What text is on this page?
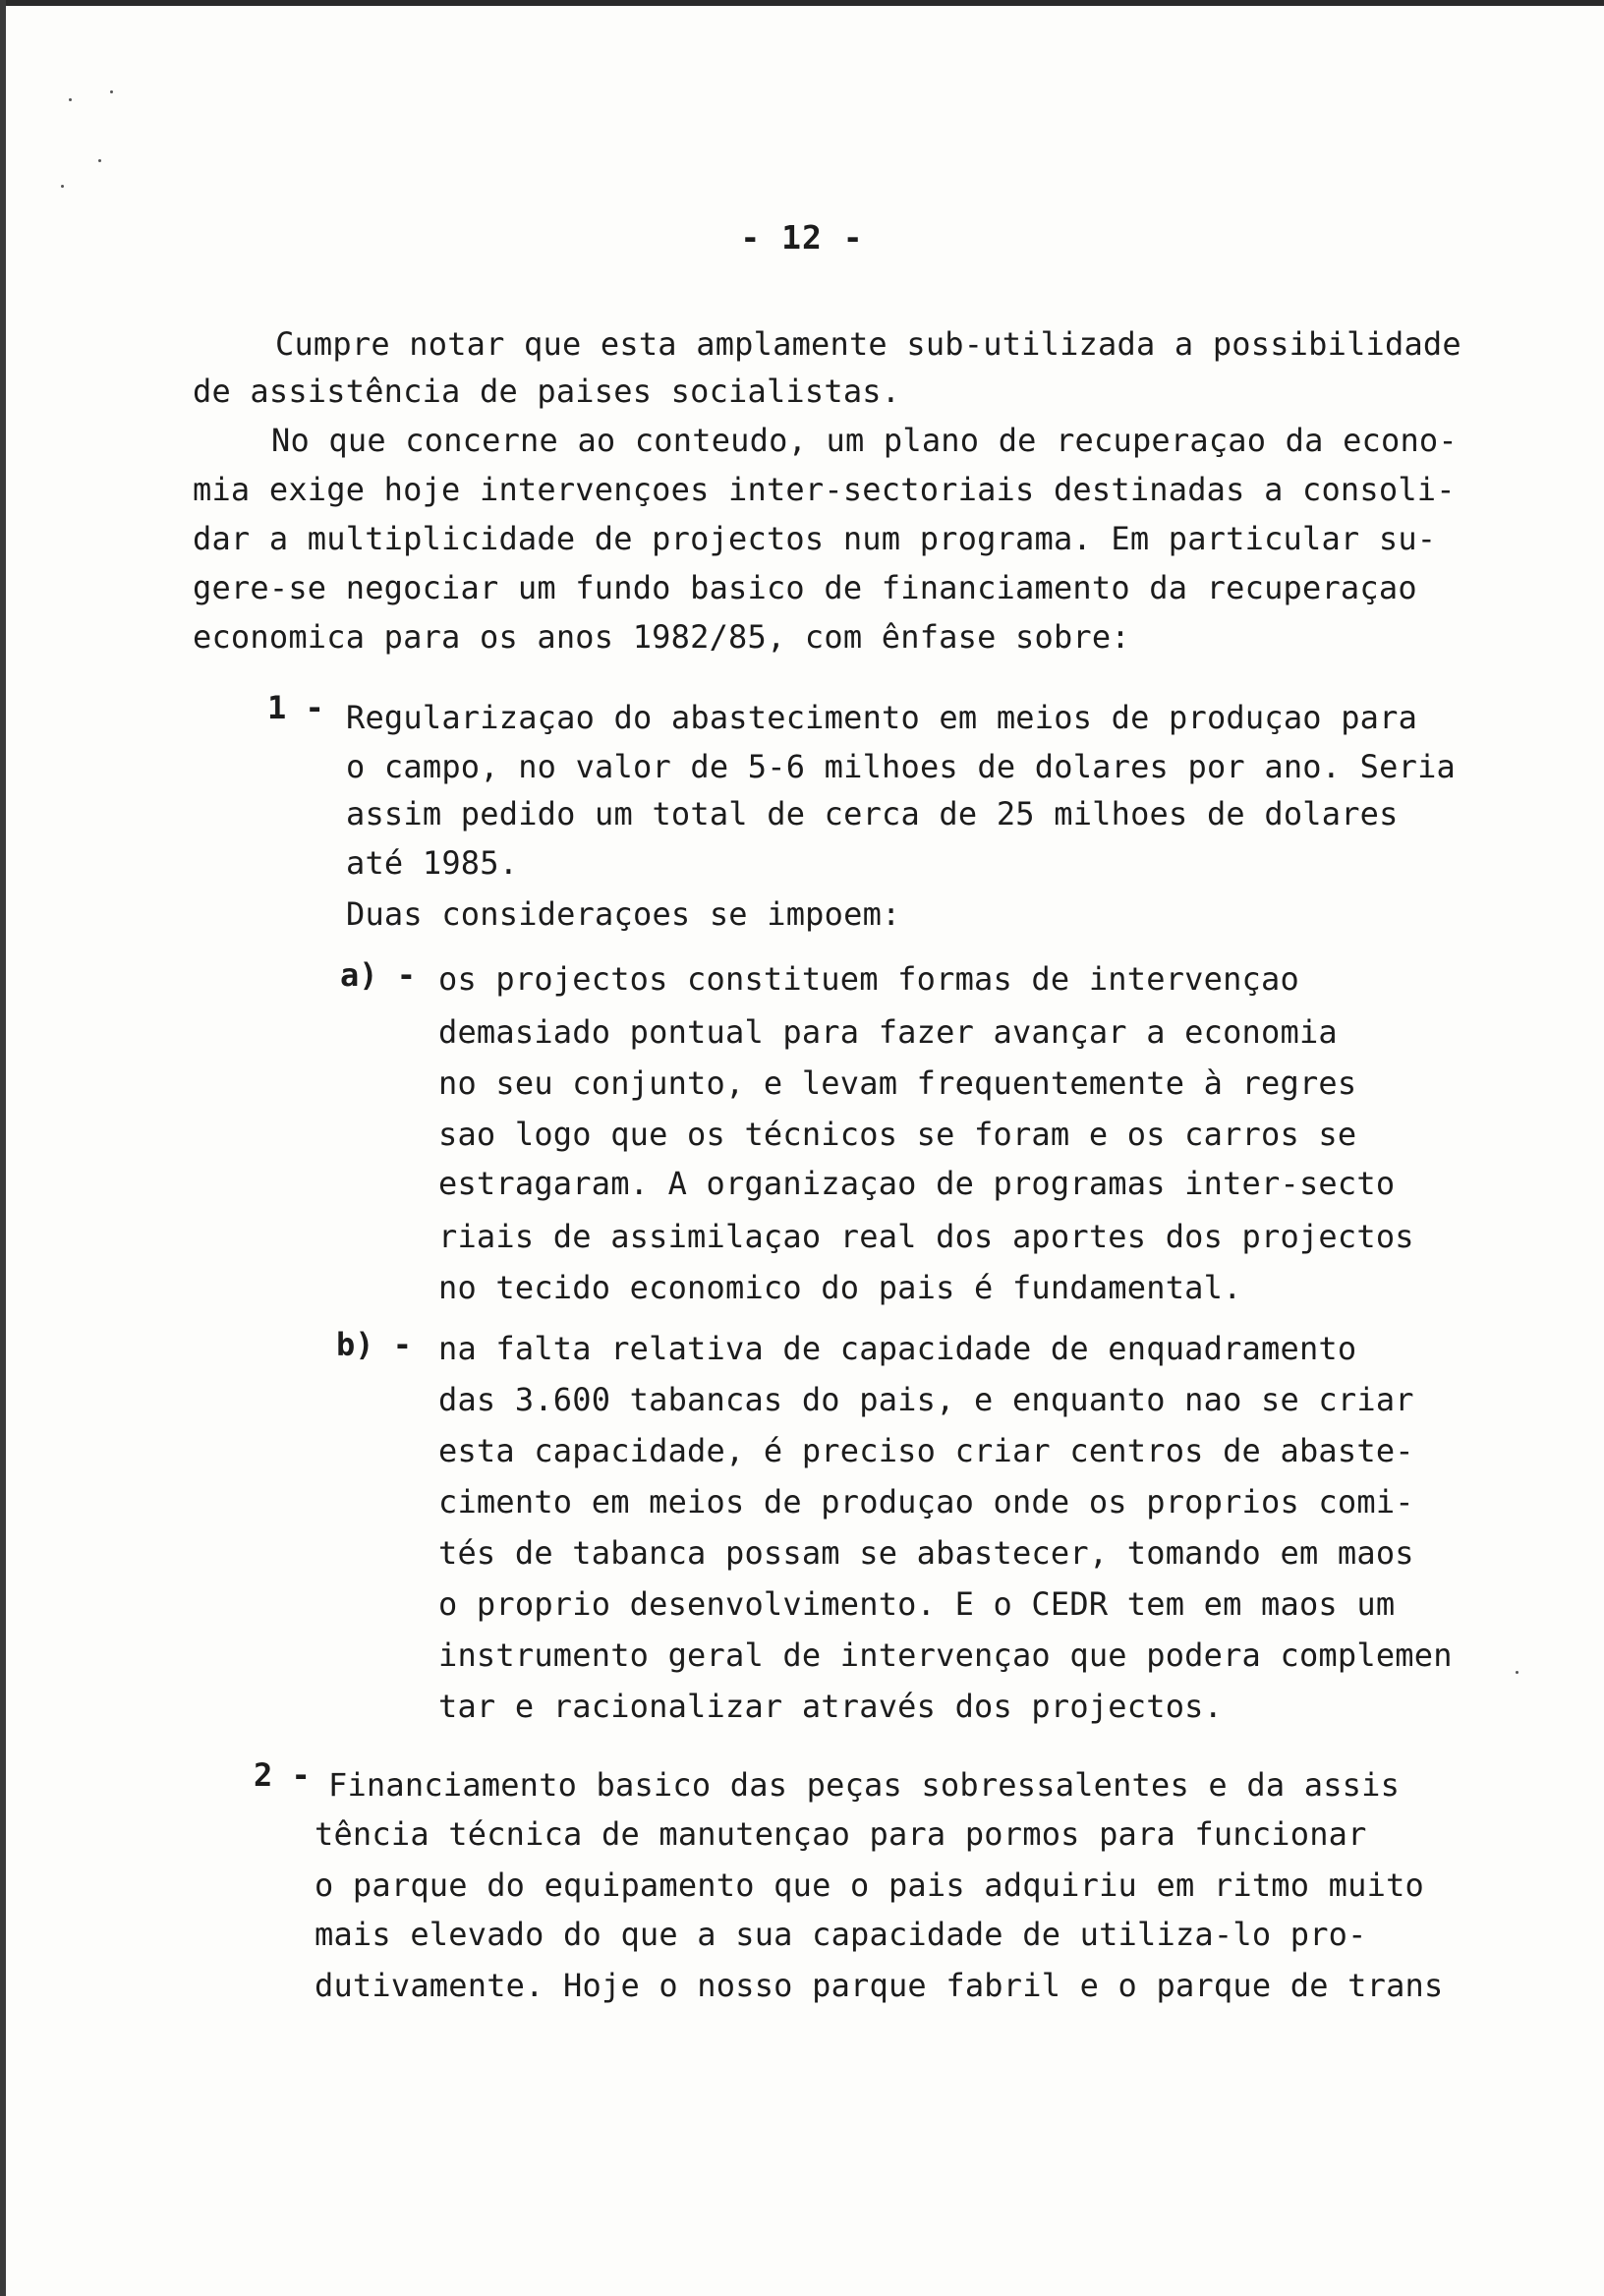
- 12 -
Cumpre notar que esta amplamente sub-utilizada a possibilidade
de assistência de paises socialistas.
No que concerne ao conteudo, um plano de recuperaçao da econo-
mia exige hoje intervençoes inter-sectoriais destinadas a consoli-
dar a multiplicidade de projectos num programa. Em particular su-
gere-se negociar um fundo basico de financiamento da recuperaçao
economica para os anos 1982/85, com ênfase sobre:
1 - Regularizaçao do abastecimento em meios de produçao para
o campo, no valor de 5-6 milhoes de dolares por ano. Seria
assim pedido um total de cerca de 25 milhoes de dolares
até 1985.
Duas consideraçoes se impoem:
a) - os projectos constituem formas de intervençao
demasiado pontual para fazer avançar a economia
no seu conjunto, e levam frequentemente à regres
sao logo que os técnicos se foram e os carros se
estragaram. A organizaçao de programas inter-secto
riais de assimilaçao real dos aportes dos projectos
no tecido economico do pais é fundamental.
b) - na falta relativa de capacidade de enquadramento
das 3.600 tabancas do pais, e enquanto nao se criar
esta capacidade, é preciso criar centros de abaste-
cimento em meios de produçao onde os proprios comi-
tés de tabanca possam se abastecer, tomando em maos
o proprio desenvolvimento. E o CEDR tem em maos um
instrumento geral de intervençao que podera complemen
tar e racionalizar através dos projectos.
2 - Financiamento basico das peças sobressalentes e da assis
tência técnica de manutençao para pormos para funcionar
o parque do equipamento que o pais adquiriu em ritmo muito
mais elevado do que a sua capacidade de utiliza-lo pro-
dutivamente. Hoje o nosso parque fabril e o parque de trans
